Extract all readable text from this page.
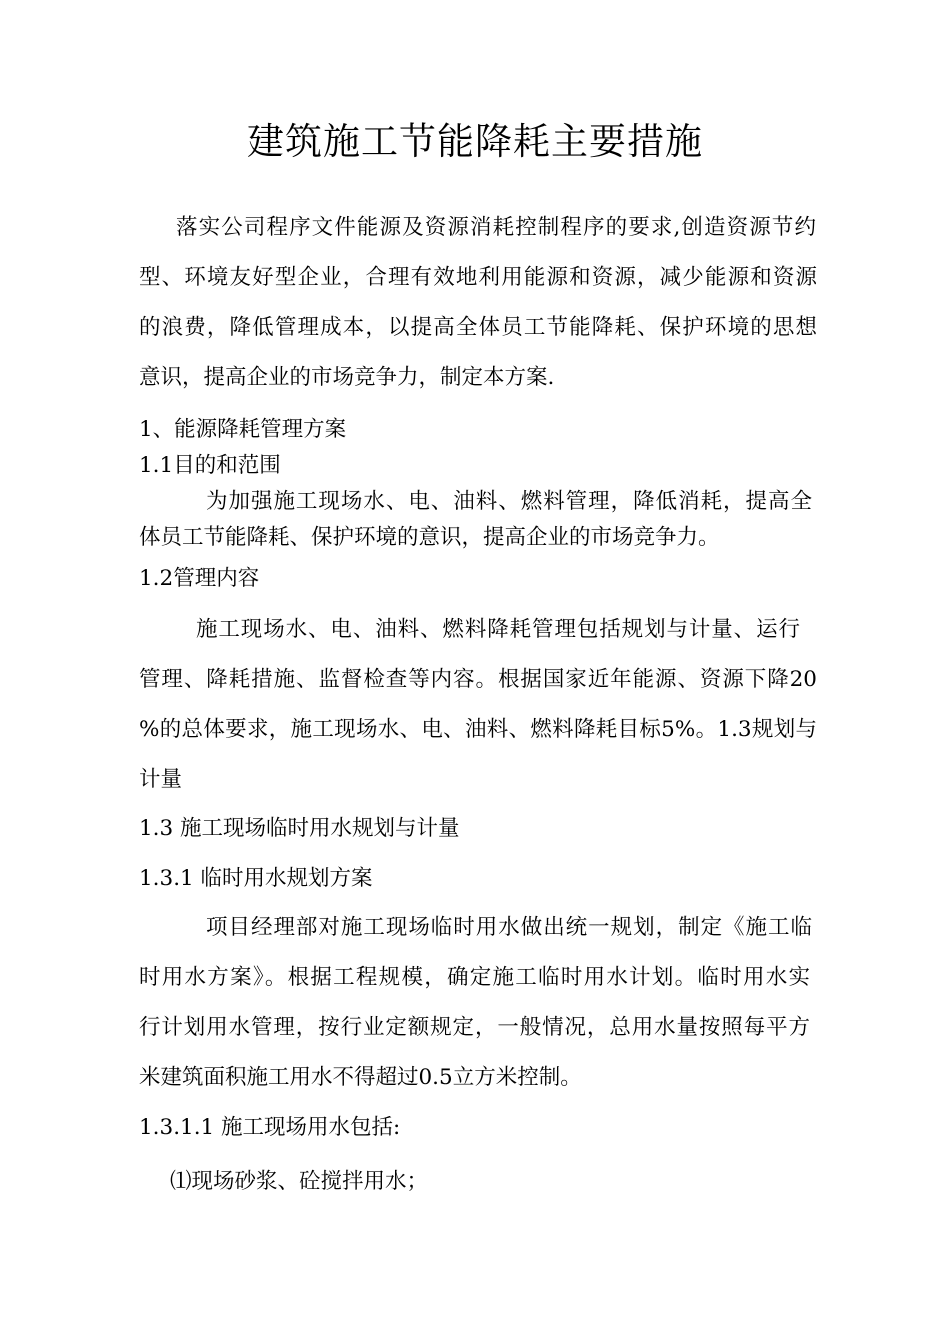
建筑施工节能降耗主要措施
落实公司程序文件能源及资源消耗控制程序的要求,创造资源节约
型、环境友好型企业，合理有效地利用能源和资源，减少能源和资源
的浪费，降低管理成本，以提高全体员工节能降耗、保护环境的思想
意识，提高企业的市场竞争力，制定本方案.
1、能源降耗管理方案
1.1目的和范围
为加强施工现场水、电、油料、燃料管理，降低消耗，提高全
体员工节能降耗、保护环境的意识，提高企业的市场竞争力。
1.2管理内容
施工现场水、电、油料、燃料降耗管理包括规划与计量、运行
管理、降耗措施、监督检查等内容。根据国家近年能源、资源下降20
%的总体要求，施工现场水、电、油料、燃料降耗目标5%。1.3规划与
计量
1.3 施工现场临时用水规划与计量
1.3.1 临时用水规划方案
项目经理部对施工现场临时用水做出统一规划，制定《施工临
时用水方案》。根据工程规模，确定施工临时用水计划。临时用水实
行计划用水管理，按行业定额规定，一般情况，总用水量按照每平方
米建筑面积施工用水不得超过0.5立方米控制。
1.3.1.1 施工现场用水包括:
⑴现场砂浆、砼搅拌用水；
